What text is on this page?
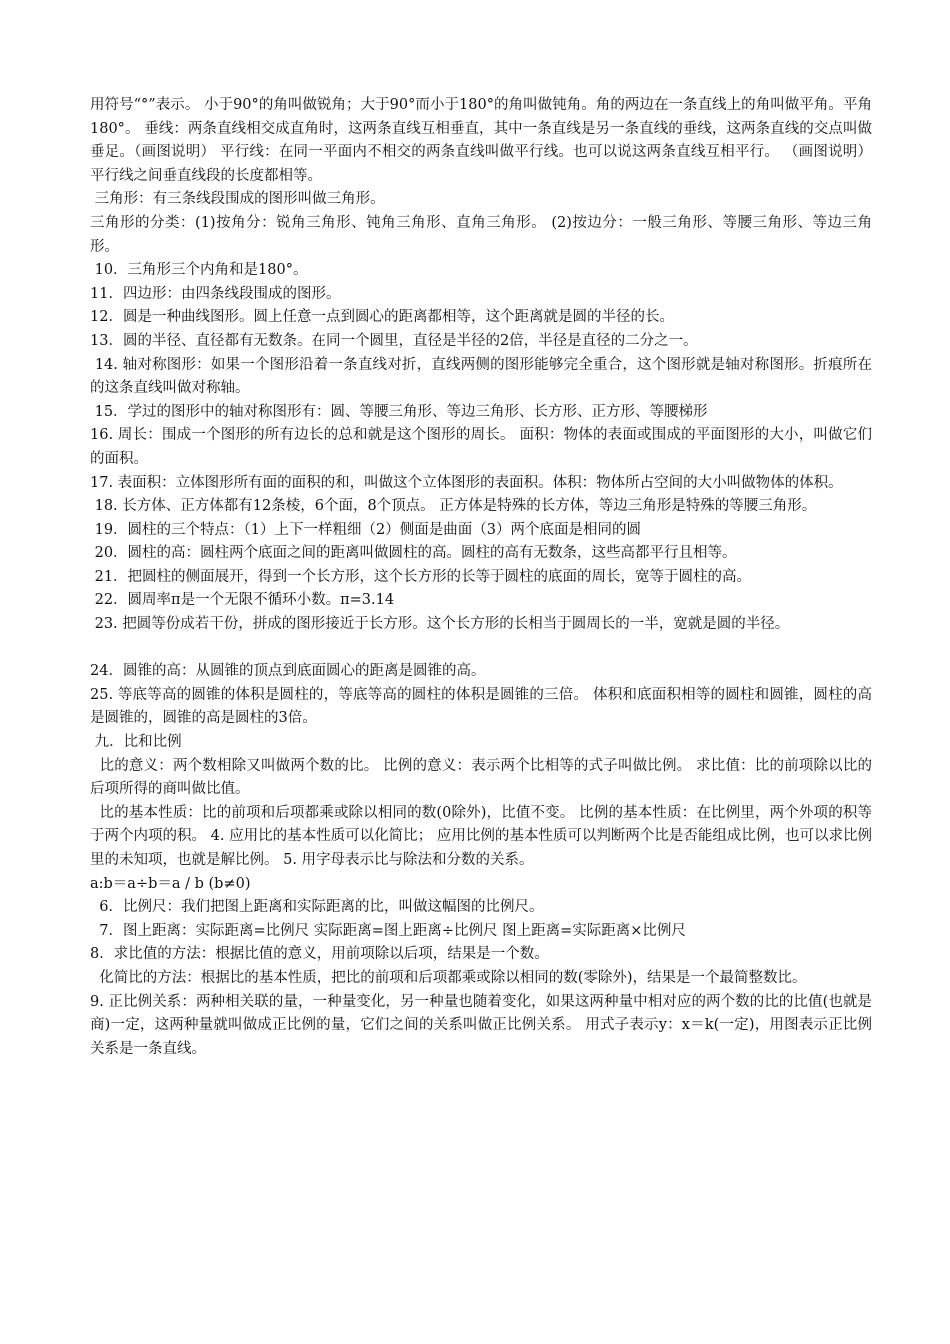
用符号“°”表示。 小于90°的角叫做锐角；大于90°而小于180°的角叫做钝角。角的两边在一条直线上的角叫做平角。平角180°。 垂线：两条直线相交成直角时，这两条直线互相垂直，其中一条直线是另一条直线的垂线，这两条直线的交点叫做垂足。（画图说明） 平行线：在同一平面内不相交的两条直线叫做平行线。也可以说这两条直线互相平行。 （画图说明）平行线之间垂直线段的长度都相等。

三角形：有三条线段围成的图形叫做三角形。

三角形的分类：(1)按角分：锐角三角形、钝角三角形、直角三角形。 (2)按边分：一般三角形、等腰三角形、等边三角形。

10．三角形三个内角和是180°。

11．四边形：由四条线段围成的图形。

12．圆是一种曲线图形。圆上任意一点到圆心的距离都相等，这个距离就是圆的半径的长。

13．圆的半径、直径都有无数条。在同一个圆里，直径是半径的2倍，半径是直径的二分之一。

14. 轴对称图形：如果一个图形沿着一条直线对折，直线两侧的图形能够完全重合，这个图形就是轴对称图形。折痕所在的这条直线叫做对称轴。

15．学过的图形中的轴对称图形有：圆、等腰三角形、等边三角形、长方形、正方形、等腰梯形

16. 周长：围成一个图形的所有边长的总和就是这个图形的周长。 面积：物体的表面或围成的平面图形的大小，叫做它们的面积。

17. 表面积：立体图形所有面的面积的和，叫做这个立体图形的表面积。体积：物体所占空间的大小叫做物体的体积。

18. 长方体、正方体都有12条棱，6个面，8个顶点。 正方体是特殊的长方体，等边三角形是特殊的等腰三角形。

19．圆柱的三个特点：（1）上下一样粗细（2）侧面是曲面（3）两个底面是相同的圆

20．圆柱的高：圆柱两个底面之间的距离叫做圆柱的高。圆柱的高有无数条，这些高都平行且相等。

21．把圆柱的侧面展开，得到一个长方形，这个长方形的长等于圆柱的底面的周长，宽等于圆柱的高。

22．圆周率π是一个无限不循环小数。π=3.14

23. 把圆等份成若干份，拼成的图形接近于长方形。这个长方形的长相当于圆周长的一半，宽就是圆的半径。

24．圆锥的高：从圆锥的顶点到底面圆心的距离是圆锥的高。

25. 等底等高的圆锥的体积是圆柱的，等底等高的圆柱的体积是圆锥的三倍。 体积和底面积相等的圆柱和圆锥，圆柱的高是圆锥的，圆锥的高是圆柱的3倍。

九．比和比例

比的意义：两个数相除又叫做两个数的比。 比例的意义：表示两个比相等的式子叫做比例。 求比值：比的前项除以比的后项所得的商叫做比值。

比的基本性质：比的前项和后项都乘或除以相同的数(0除外)，比值不变。 比例的基本性质：在比例里，两个外项的积等于两个内项的积。 4. 应用比的基本性质可以化简比； 应用比例的基本性质可以判断两个比是否能组成比例，也可以求比例里的未知项，也就是解比例。 5. 用字母表示比与除法和分数的关系。

a:b＝a÷b＝a / b (b≠0)

6．比例尺：我们把图上距离和实际距离的比，叫做这幅图的比例尺。

7．图上距离：实际距离=比例尺 实际距离=图上距离÷比例尺 图上距离=实际距离×比例尺

8．求比值的方法：根据比值的意义，用前项除以后项，结果是一个数。

化简比的方法：根据比的基本性质，把比的前项和后项都乘或除以相同的数(零除外)，结果是一个最简整数比。

9. 正比例关系：两种相关联的量，一种量变化，另一种量也随着变化，如果这两种量中相对应的两个数的比的比值(也就是商)一定，这两种量就叫做成正比例的量，它们之间的关系叫做正比例关系。 用式子表示y：x＝k(一定)，用图表示正比例关系是一条直线。
